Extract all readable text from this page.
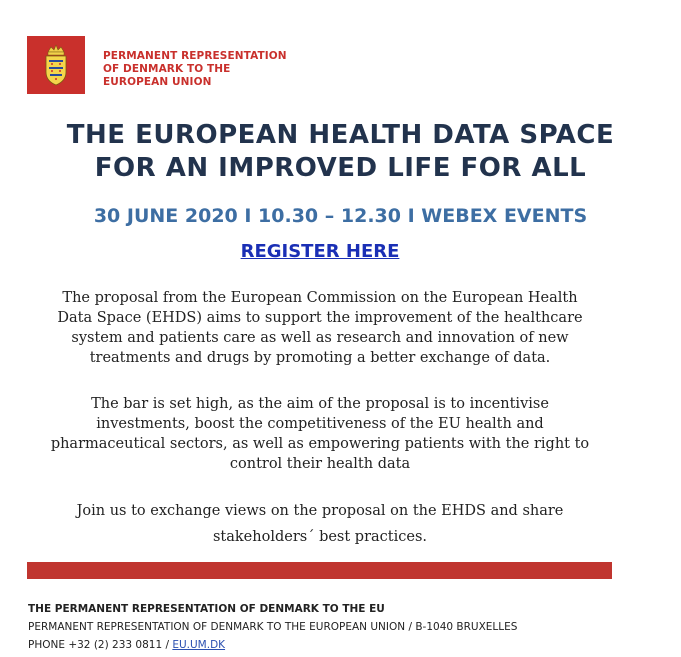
PERMANENT REPRESENTATION
OF DENMARK TO THE
EUROPEAN UNION
THE EUROPEAN HEALTH DATA SPACE
FOR AN IMPROVED LIFE FOR ALL
30 JUNE 2020 I 10.30 – 12.30 I WEBEX EVENTS
REGISTER HERE
The proposal from the European Commission on the European Health
Data Space (EHDS) aims to support the improvement of the healthcare
system and patients care as well as research and innovation of new
treatments and drugs by promoting a better exchange of data.
The bar is set high, as the aim of the proposal is to incentivise
investments, boost the competitiveness of the EU health and
pharmaceutical sectors, as well as empowering patients with the right to
control their health data
Join us to exchange views on the proposal on the EHDS and share
stakeholders´ best practices.
THE PERMANENT REPRESENTATION OF DENMARK TO THE EU
PERMANENT REPRESENTATION OF DENMARK TO THE EUROPEAN UNION / B-1040 BRUXELLES
PHONE +32 (2) 233 0811 / EU.UM.DK
